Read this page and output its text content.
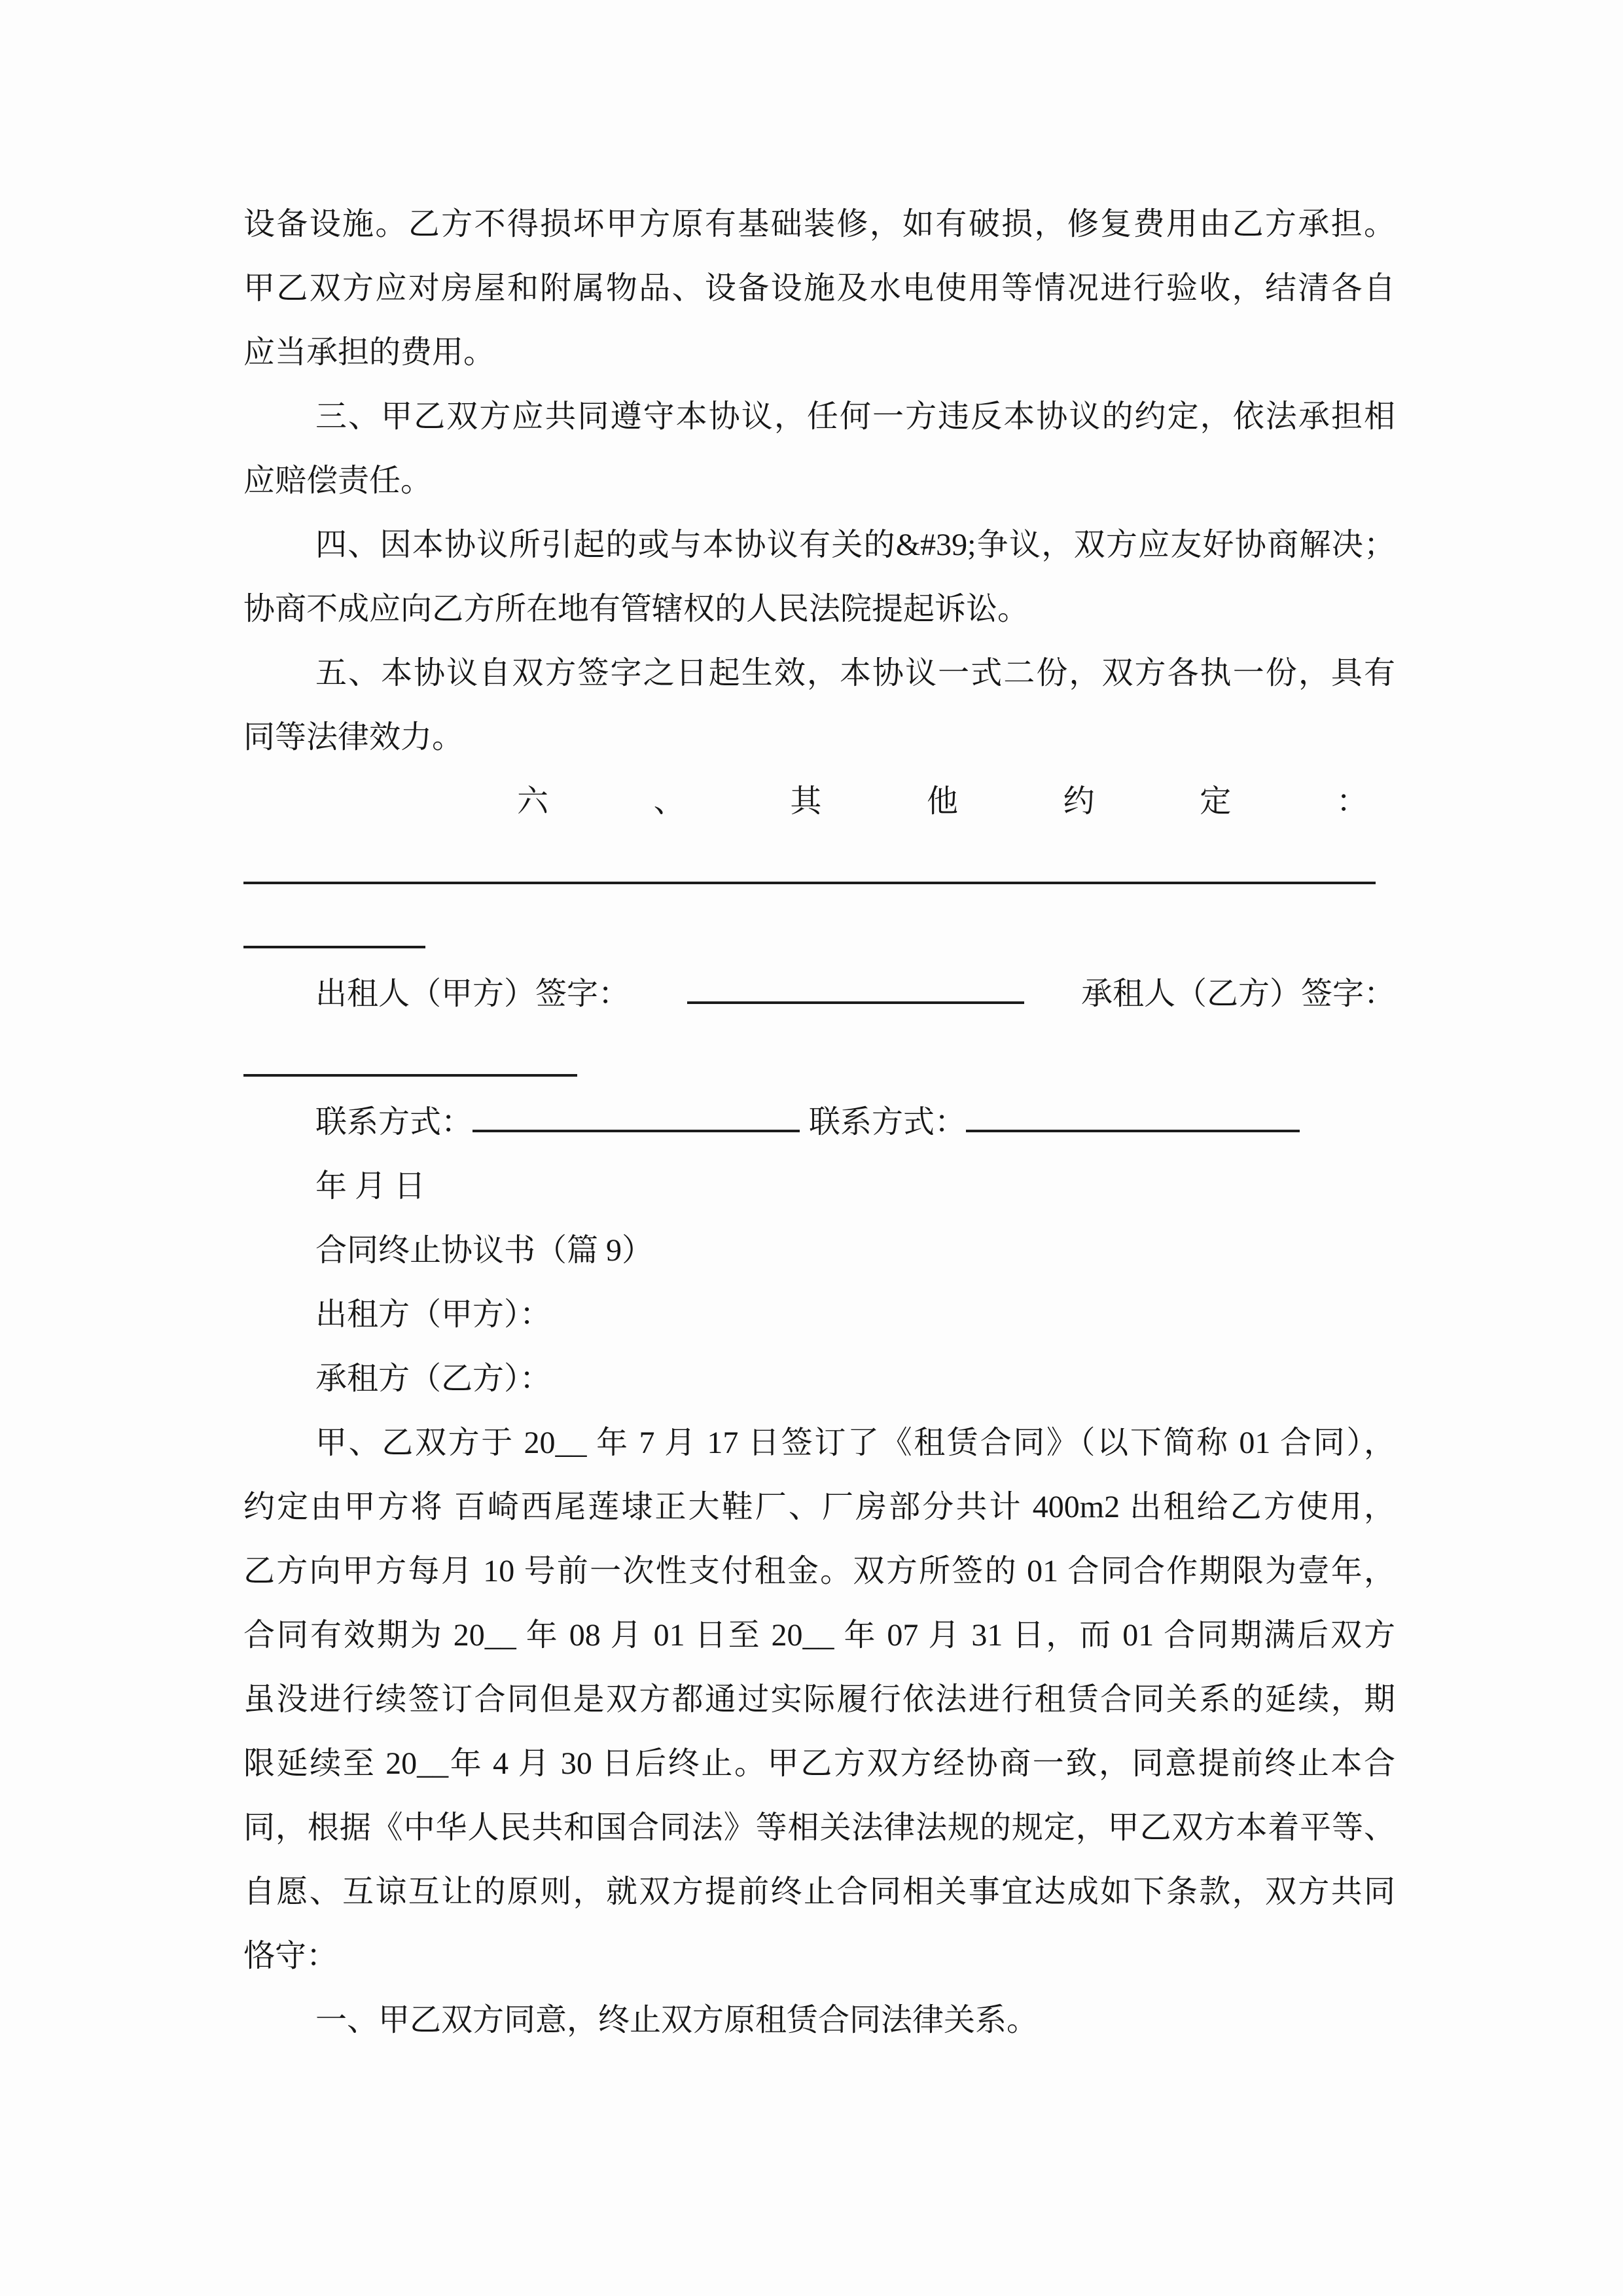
设备设施。乙方不得损坏甲方原有基础装修，如有破损，修复费用由乙方承担。
甲乙双方应对房屋和附属物品、设备设施及水电使用等情况进行验收，结清各自
应当承担的费用。
三、甲乙双方应共同遵守本协议，任何一方违反本协议的约定，依法承担相
应赔偿责任。
四、因本协议所引起的或与本协议有关的&#39;争议，双方应友好协商解决；
协商不成应向乙方所在地有管辖权的人民法院提起诉讼。
五、本协议自双方签字之日起生效，本协议一式二份，双方各执一份，具有
同等法律效力。
六	、	其	他	约	定	：
出租人（甲方）签字：	承租人（乙方）签字：
联系方式：	联系方式：
年 月 日
合同终止协议书（篇 9）
出租方（甲方）：
承租方（乙方）：
甲、乙双方于 20__ 年 7 月 17 日签订了《租赁合同》（以下简称 01 合同），
约定由甲方将 百崎西尾莲埭正大鞋厂、厂房部分共计 400m2 出租给乙方使用，
乙方向甲方每月 10 号前一次性支付租金。双方所签的 01 合同合作期限为壹年，
合同有效期为 20__ 年 08 月 01 日至 20__ 年 07 月 31 日，而 01 合同期满后双方
虽没进行续签订合同但是双方都通过实际履行依法进行租赁合同关系的延续，期
限延续至 20__年 4 月 30 日后终止。甲乙方双方经协商一致，同意提前终止本合
同，根据《中华人民共和国合同法》等相关法律法规的规定，甲乙双方本着平等、
自愿、互谅互让的原则，就双方提前终止合同相关事宜达成如下条款，双方共同
恪守：
一、甲乙双方同意，终止双方原租赁合同法律关系。
